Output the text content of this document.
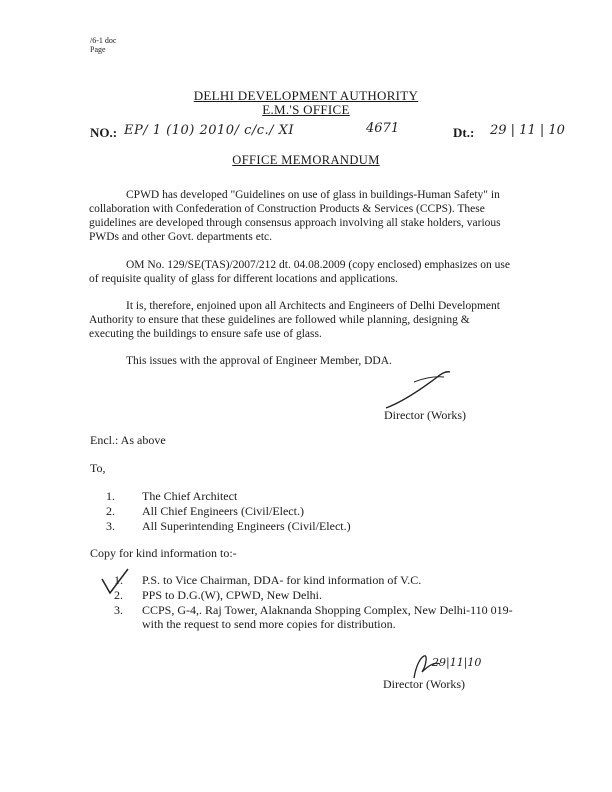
/6-1 doc
Page
DELHI DEVELOPMENT AUTHORITY
E.M.'S OFFICE
NO.: EP/ 1 (10) 2010/ c/c./ XI	4671	Dt.: 29 | 11 | 10
OFFICE MEMORANDUM
CPWD has developed "Guidelines on use of glass in buildings-Human Safety" in
collaboration with Confederation of Construction Products & Services (CCPS). These
guidelines are developed through consensus approach involving all stake holders, various
PWDs and other Govt. departments etc.
OM No. 129/SE(TAS)/2007/212 dt. 04.08.2009 (copy enclosed) emphasizes on use
of requisite quality of glass for different locations and applications.
It is, therefore, enjoined upon all Architects and Engineers of Delhi Development
Authority to ensure that these guidelines are followed while planning, designing &
executing the buildings to ensure safe use of glass.
This issues with the approval of Engineer Member, DDA.
Director (Works)
Encl.: As above
To,
1. The Chief Architect
2. All Chief Engineers (Civil/Elect.)
3. All Superintending Engineers (Civil/Elect.)
Copy for kind information to:-
1. P.S. to Vice Chairman, DDA- for kind information of V.C.
2. PPS to D.G.(W), CPWD, New Delhi.
3. CCPS, G-4,. Raj Tower, Alaknanda Shopping Complex, New Delhi-110 019-
with the request to send more copies for distribution.
29|11|10
Director (Works)
